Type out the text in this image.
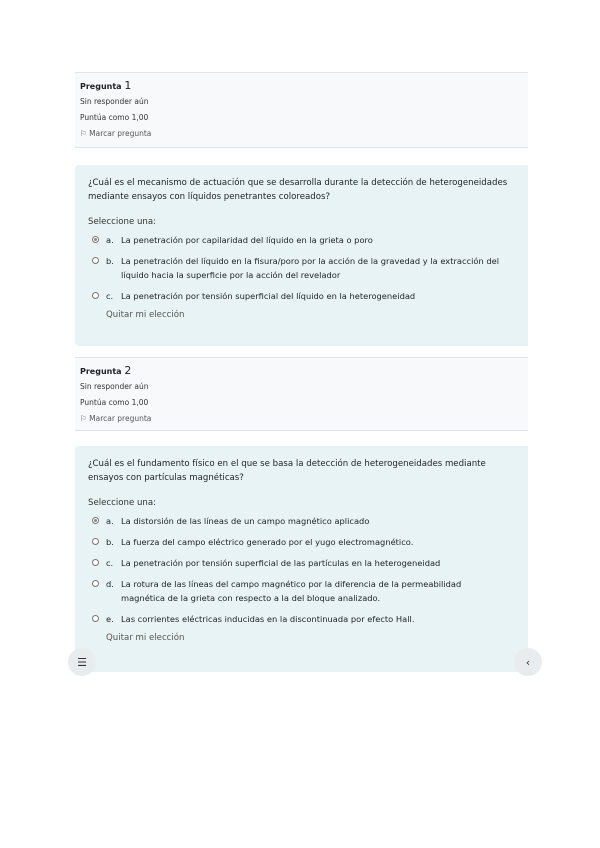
Pregunta 1
Sin responder aún
Puntúa como 1,00
⚐ Marcar pregunta
¿Cuál es el mecanismo de actuación que se desarrolla durante la detección de heterogeneidades mediante ensayos con líquidos penetrantes coloreados?
Seleccione una:
a. La penetración por capilaridad del líquido en la grieta o poro
b. La penetración del líquido en la fisura/poro por la acción de la gravedad y la extracción del líquido hacia la superficie por la acción del revelador
c. La penetración por tensión superficial del líquido en la heterogeneidad
Quitar mi elección
Pregunta 2
Sin responder aún
Puntúa como 1,00
⚐ Marcar pregunta
¿Cuál es el fundamento físico en el que se basa la detección de heterogeneidades mediante ensayos con partículas magnéticas?
Seleccione una:
a. La distorsión de las líneas de un campo magnético aplicado
b. La fuerza del campo eléctrico generado por el yugo electromagnético.
c. La penetración por tensión superficial de las partículas en la heterogeneidad
d. La rotura de las líneas del campo magnético por la diferencia de la permeabilidad magnética de la grieta con respecto a la del bloque analizado.
e. Las corrientes eléctricas inducidas en la discontinuada por efecto Hall.
Quitar mi elección
☰	‹
